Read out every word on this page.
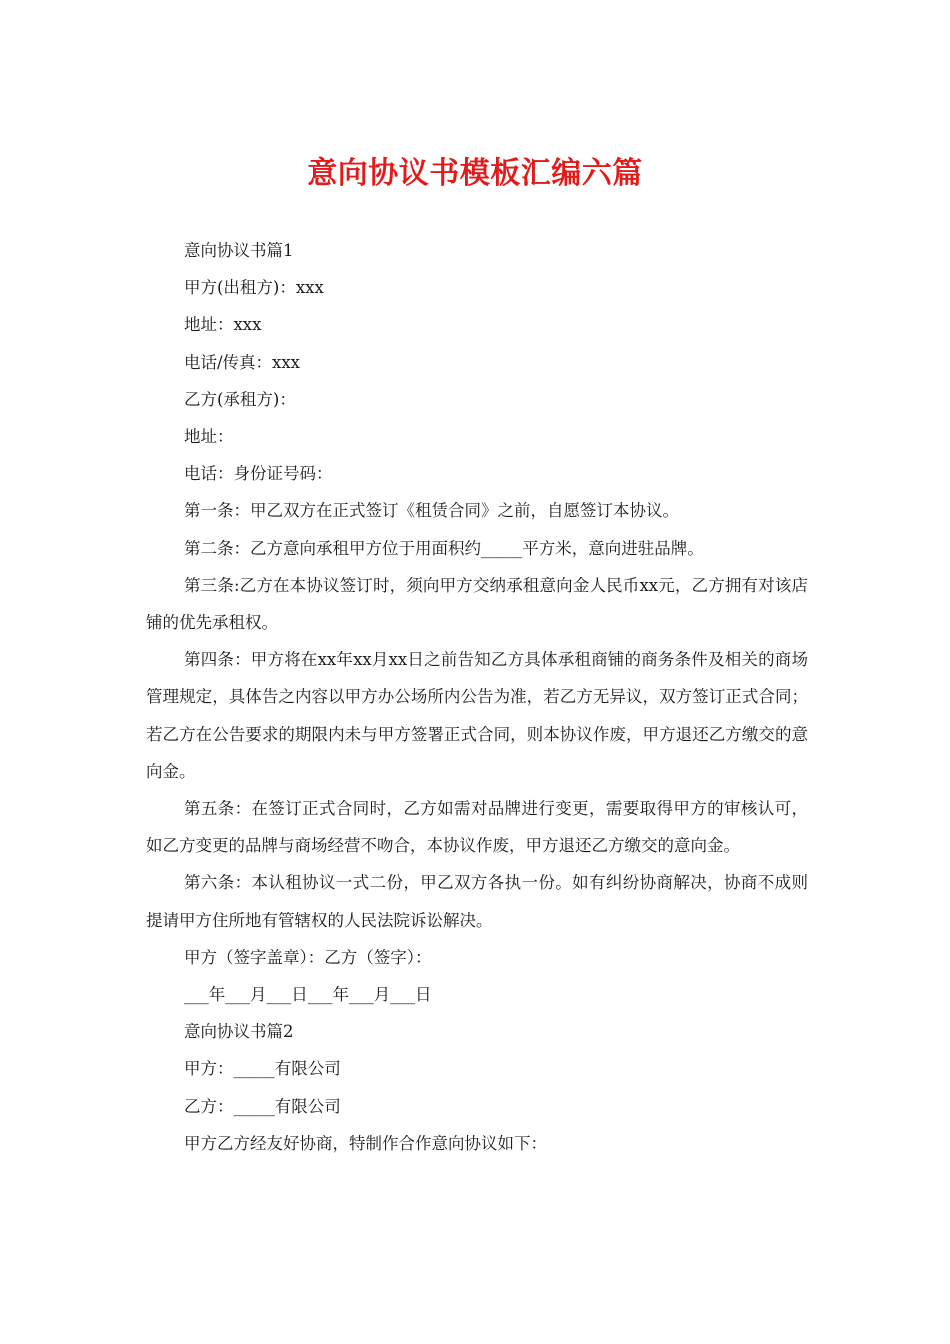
意向协议书模板汇编六篇

意向协议书篇1

甲方(出租方)：xxx

地址：xxx

电话/传真：xxx

乙方(承租方)：

地址：

电话：身份证号码：

第一条：甲乙双方在正式签订《租赁合同》之前，自愿签订本协议。

第二条：乙方意向承租甲方位于用面积约_____平方米，意向进驻品牌。

第三条:乙方在本协议签订时，须向甲方交纳承租意向金人民币xx元，乙方拥有对该店铺的优先承租权。

第四条：甲方将在xx年xx月xx日之前告知乙方具体承租商铺的商务条件及相关的商场管理规定，具体告之内容以甲方办公场所内公告为准，若乙方无异议，双方签订正式合同；若乙方在公告要求的期限内未与甲方签署正式合同，则本协议作废，甲方退还乙方缴交的意向金。

第五条：在签订正式合同时，乙方如需对品牌进行变更，需要取得甲方的审核认可，如乙方变更的品牌与商场经营不吻合，本协议作废，甲方退还乙方缴交的意向金。

第六条：本认租协议一式二份，甲乙双方各执一份。如有纠纷协商解决，协商不成则提请甲方住所地有管辖权的人民法院诉讼解决。

甲方（签字盖章）：乙方（签字）：

___年___月___日___年___月___日

意向协议书篇2

甲方：_____有限公司

乙方：_____有限公司

甲方乙方经友好协商，特制作合作意向协议如下：
